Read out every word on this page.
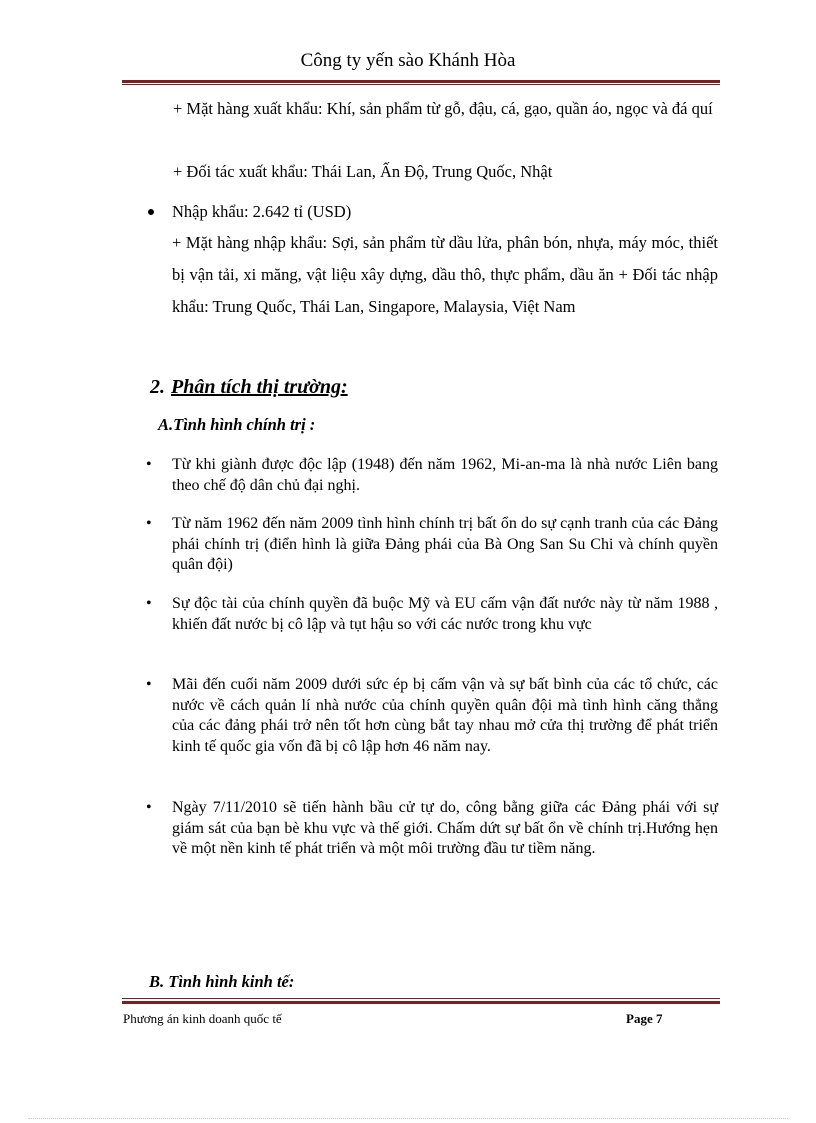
Công ty yến sào Khánh Hòa
+ Mặt hàng xuất khẩu: Khí, sản phẩm từ gỗ, đậu, cá, gạo, quần áo, ngọc và đá quí
+ Đối tác xuất khẩu: Thái Lan, Ấn Độ, Trung Quốc, Nhật
Nhập khẩu: 2.642 tỉ (USD)
+ Mặt hàng nhập khẩu: Sợi, sản phẩm từ dầu lửa, phân bón, nhựa, máy móc, thiết bị vận tải, xi măng, vật liệu xây dựng, dầu thô, thực phẩm, dầu ăn + Đối tác nhập khẩu: Trung Quốc, Thái Lan, Singapore, Malaysia, Việt Nam
2. Phân tích thị trường:
A.Tình hình chính trị :
• Từ khi giành được độc lập (1948) đến năm 1962, Mi-an-ma là nhà nước Liên bang theo chế độ dân chủ đại nghị.
• Từ năm 1962 đến năm 2009 tình hình chính trị bất ổn do sự cạnh tranh của các Đảng phái chính trị (điển hình là giữa Đảng phái của Bà Ong San Su Chi và chính quyền quân đội)
• Sự độc tài của chính quyền đã buộc Mỹ và EU cấm vận đất nước này từ năm 1988 , khiến đất nước bị cô lập và tụt hậu so với các nước trong khu vực
• Mãi đến cuối năm 2009 dưới sức ép bị cấm vận và sự bất bình của các tổ chức, các nước về cách quản lí nhà nước của chính quyền quân đội mà tình hình căng thẳng của các đảng phái trở nên tốt hơn cùng bắt tay nhau mở cửa thị trường để phát triển kinh tế quốc gia vốn đã bị cô lập hơn 46 năm nay.
• Ngày 7/11/2010 sẽ tiến hành bầu cử tự do, công bằng giữa các Đảng phái với sự giám sát của bạn bè khu vực và thế giới. Chấm dứt sự bất ổn về chính trị.Hướng hẹn về một nền kinh tế phát triển và một môi trường đầu tư tiềm năng.
B. Tình hình kinh tế:
Phương án kinh doanh quốc tế	Page 7
